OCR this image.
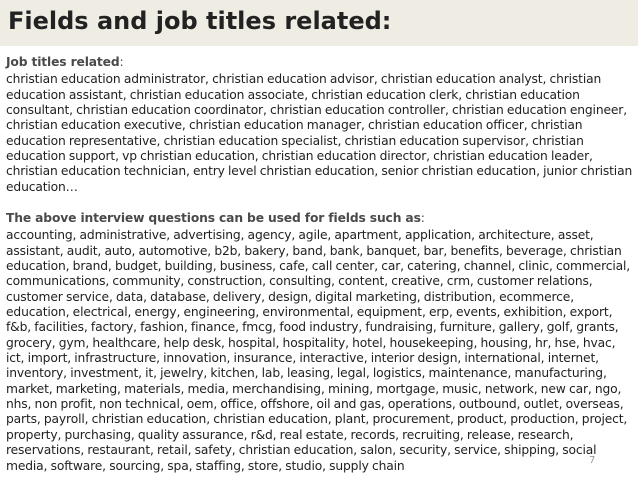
Fields and job titles related:

Job titles related:

christian education administrator, christian education advisor, christian education analyst, christian education assistant, christian education associate, christian education clerk, christian education consultant, christian education coordinator, christian education controller, christian education engineer, christian education executive, christian education manager, christian education officer, christian education representative, christian education specialist, christian education supervisor, christian education support, vp christian education, christian education director, christian education leader, christian education technician, entry level christian education, senior christian education, junior christian education…

The above interview questions can be used for fields such as:

accounting, administrative, advertising, agency, agile, apartment, application, architecture, asset, assistant, audit, auto, automotive, b2b, bakery, band, bank, banquet, bar, benefits, beverage, christian education, brand, budget, building, business, cafe, call center, car, catering, channel, clinic, commercial, communications, community, construction, consulting, content, creative, crm, customer relations, customer service, data, database, delivery, design, digital marketing, distribution, ecommerce, education, electrical, energy, engineering, environmental, equipment, erp, events, exhibition, export, f&b, facilities, factory, fashion, finance, fmcg, food industry, fundraising, furniture, gallery, golf, grants, grocery, gym, healthcare, help desk, hospital, hospitality, hotel, housekeeping, housing, hr, hse, hvac, ict, import, infrastructure, innovation, insurance, interactive, interior design, international, internet, inventory, investment, it, jewelry, kitchen, lab, leasing, legal, logistics, maintenance, manufacturing, market, marketing, materials, media, merchandising, mining, mortgage, music, network, new car, ngo, nhs, non profit, non technical, oem, office, offshore, oil and gas, operations, outbound, outlet, overseas, parts, payroll, christian education, christian education, plant, procurement, product, production, project, property, purchasing, quality assurance, r&d, real estate, records, recruiting, release, research, reservations, restaurant, retail, safety, christian education, salon, security, service, shipping, social media, software, sourcing, spa, staffing, store, studio, supply chain	7
